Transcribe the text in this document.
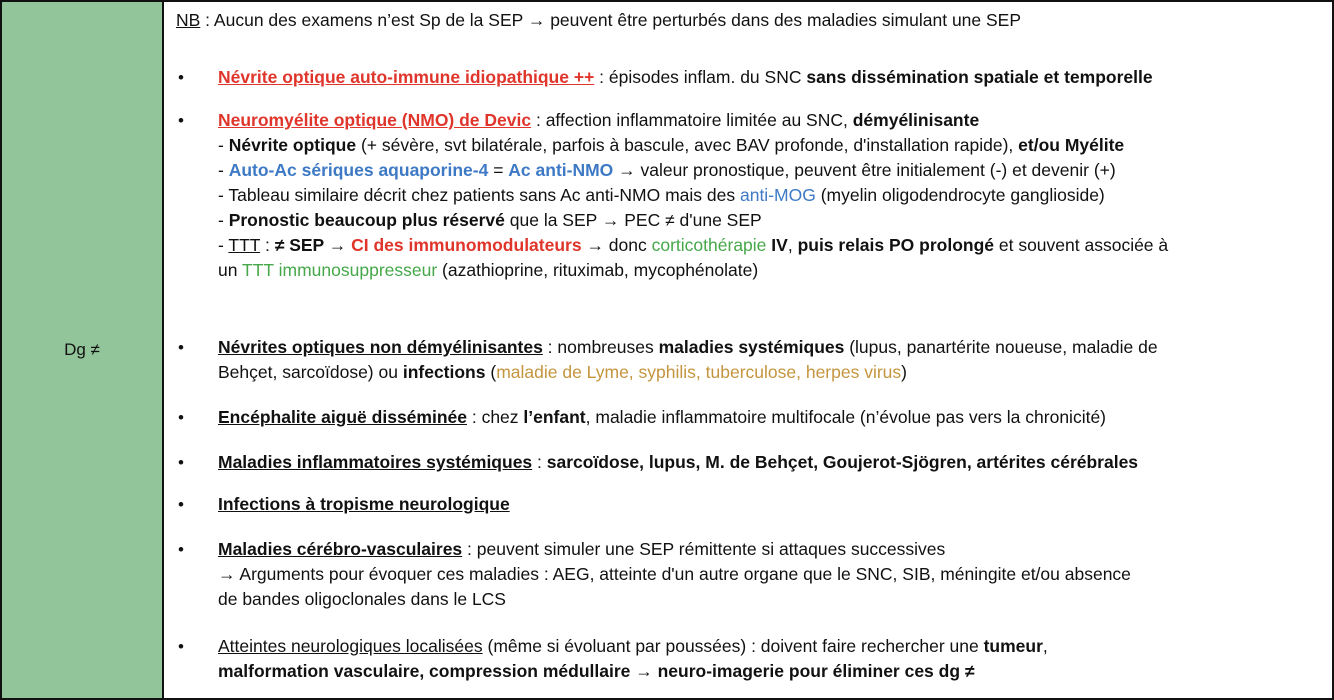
Dg ≠
NB : Aucun des examens n’est Sp de la SEP → peuvent être perturbés dans des maladies simulant une SEP
• Névrite optique auto-immune idiopathique ++ : épisodes inflam. du SNC sans dissémination spatiale et temporelle
• Neuromyélite optique (NMO) de Devic : affection inflammatoire limitée au SNC, démyélinisante
- Névrite optique (+ sévère, svt bilatérale, parfois à bascule, avec BAV profonde, d'installation rapide), et/ou Myélite
- Auto-Ac sériques aquaporine-4 = Ac anti-NMO → valeur pronostique, peuvent être initialement (-) et devenir (+)
- Tableau similaire décrit chez patients sans Ac anti-NMO mais des anti-MOG (myelin oligodendrocyte ganglioside)
- Pronostic beaucoup plus réservé que la SEP → PEC ≠ d'une SEP
- TTT : ≠ SEP → CI des immunomodulateurs → donc corticothérapie IV, puis relais PO prolongé et souvent associée à
un TTT immunosuppresseur (azathioprine, rituximab, mycophénolate)
• Névrites optiques non démyélinisantes : nombreuses maladies systémiques (lupus, panartérite noueuse, maladie de
Behçet, sarcoïdose) ou infections (maladie de Lyme, syphilis, tuberculose, herpes virus)
• Encéphalite aiguë disséminée : chez l’enfant, maladie inflammatoire multifocale (n’évolue pas vers la chronicité)
• Maladies inflammatoires systémiques : sarcoïdose, lupus, M. de Behçet, Goujerot-Sjögren, artérites cérébrales
• Infections à tropisme neurologique
• Maladies cérébro-vasculaires : peuvent simuler une SEP rémittente si attaques successives
→ Arguments pour évoquer ces maladies : AEG, atteinte d'un autre organe que le SNC, SIB, méningite et/ou absence
de bandes oligoclonales dans le LCS
• Atteintes neurologiques localisées (même si évoluant par poussées) : doivent faire rechercher une tumeur,
malformation vasculaire, compression médullaire → neuro-imagerie pour éliminer ces dg ≠
